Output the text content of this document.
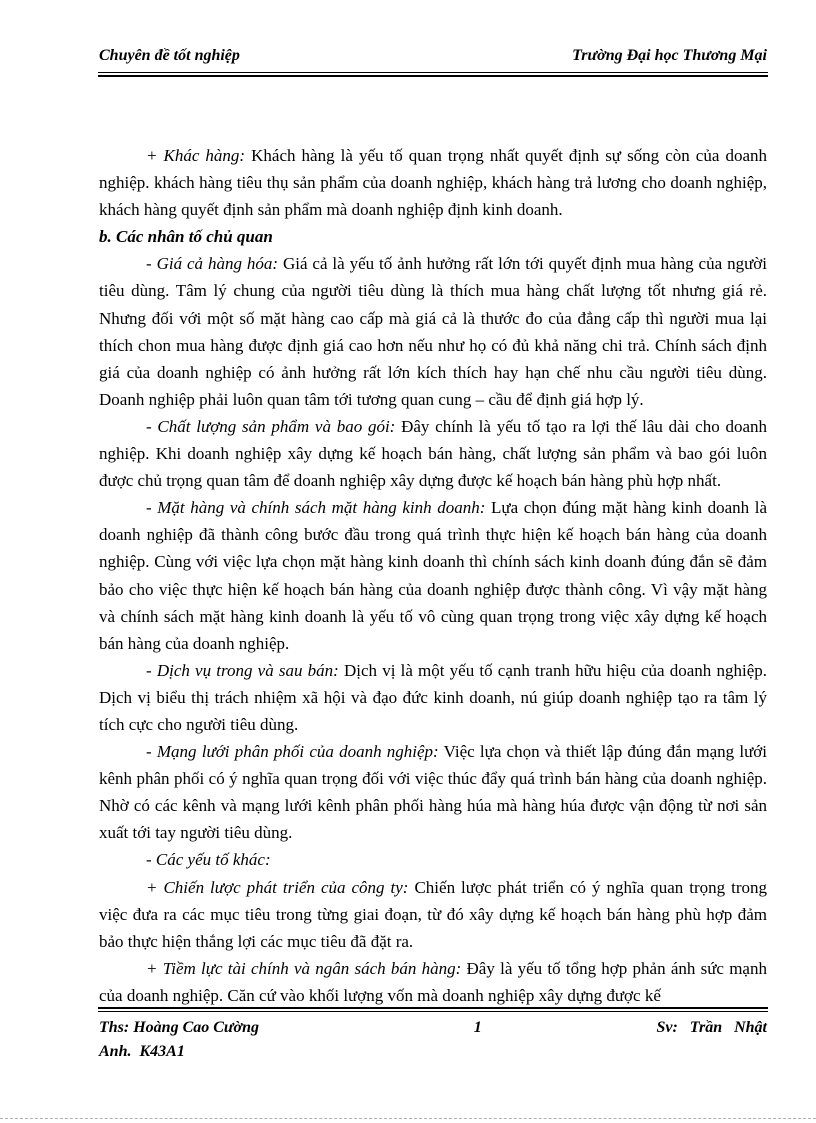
Chuyên đề tốt nghiệp	Trường Đại học Thương Mại

+ Khác hàng: Khách hàng là yếu tố quan trọng nhất quyết định sự sống còn của doanh nghiệp. khách hàng tiêu thụ sản phẩm của doanh nghiệp, khách hàng trả lương cho doanh nghiệp, khách hàng quyết định sản phẩm mà doanh nghiệp định kinh doanh.

b. Các nhân tố chủ quan

- Giá cả hàng hóa: Giá cả là yếu tố ảnh hưởng rất lớn tới quyết định mua hàng của người tiêu dùng. Tâm lý chung của người tiêu dùng là thích mua hàng chất lượng tốt nhưng giá rẻ. Nhưng đối với một số mặt hàng cao cấp mà giá cả là thước đo của đẳng cấp thì người mua lại thích chon mua hàng được định giá cao hơn nếu như họ có đủ khả năng chi trả. Chính sách định giá của doanh nghiệp có ảnh hưởng rất lớn kích thích hay hạn chế nhu cầu người tiêu dùng. Doanh nghiệp phải luôn quan tâm tới tương quan cung – cầu để định giá hợp lý.

- Chất lượng sản phẩm và bao gói: Đây chính là yếu tố tạo ra lợi thế lâu dài cho doanh nghiệp. Khi doanh nghiệp xây dựng kế hoạch bán hàng, chất lượng sản phẩm và bao gói luôn được chủ trọng quan tâm để doanh nghiệp xây dựng được kế hoạch bán hàng phù hợp nhất.

- Mặt hàng và chính sách mặt hàng kinh doanh: Lựa chọn đúng mặt hàng kinh doanh là doanh nghiệp đã thành công bước đầu trong quá trình thực hiện kế hoạch bán hàng của doanh nghiệp. Cùng với việc lựa chọn mặt hàng kinh doanh thì chính sách kinh doanh đúng đắn sẽ đảm bảo cho việc thực hiện kế hoạch bán hàng của doanh nghiệp được thành công. Vì vậy mặt hàng và chính sách mặt hàng kinh doanh là yếu tố vô cùng quan trọng trong việc xây dựng kế hoạch bán hàng của doanh nghiệp.

- Dịch vụ trong và sau bán: Dịch vị là một yếu tố cạnh tranh hữu hiệu của doanh nghiệp. Dịch vị biểu thị trách nhiệm xã hội và đạo đức kinh doanh, nú giúp doanh nghiệp tạo ra tâm lý tích cực cho người tiêu dùng.

- Mạng lưới phân phối của doanh nghiệp: Việc lựa chọn và thiết lập đúng đắn mạng lưới kênh phân phối có ý nghĩa quan trọng đối với việc thúc đẩy quá trình bán hàng của doanh nghiệp. Nhờ có các kênh và mạng lưới kênh phân phối hàng húa mà hàng húa được vận động từ nơi sản xuất tới tay người tiêu dùng.

- Các yếu tố khác:

+ Chiến lược phát triển của công ty: Chiến lược phát triển có ý nghĩa quan trọng trong việc đưa ra các mục tiêu trong từng giai đoạn, từ đó xây dựng kế hoạch bán hàng phù hợp đảm bảo thực hiện thắng lợi các mục tiêu đã đặt ra.

+ Tiềm lực tài chính và ngân sách bán hàng: Đây là yếu tố tổng hợp phản ánh sức mạnh của doanh nghiệp. Căn cứ vào khối lượng vốn mà doanh nghiệp xây dựng được kế

Ths: Hoàng Cao Cường	1	Sv:   Trần   Nhật
Anh.  K43A1
